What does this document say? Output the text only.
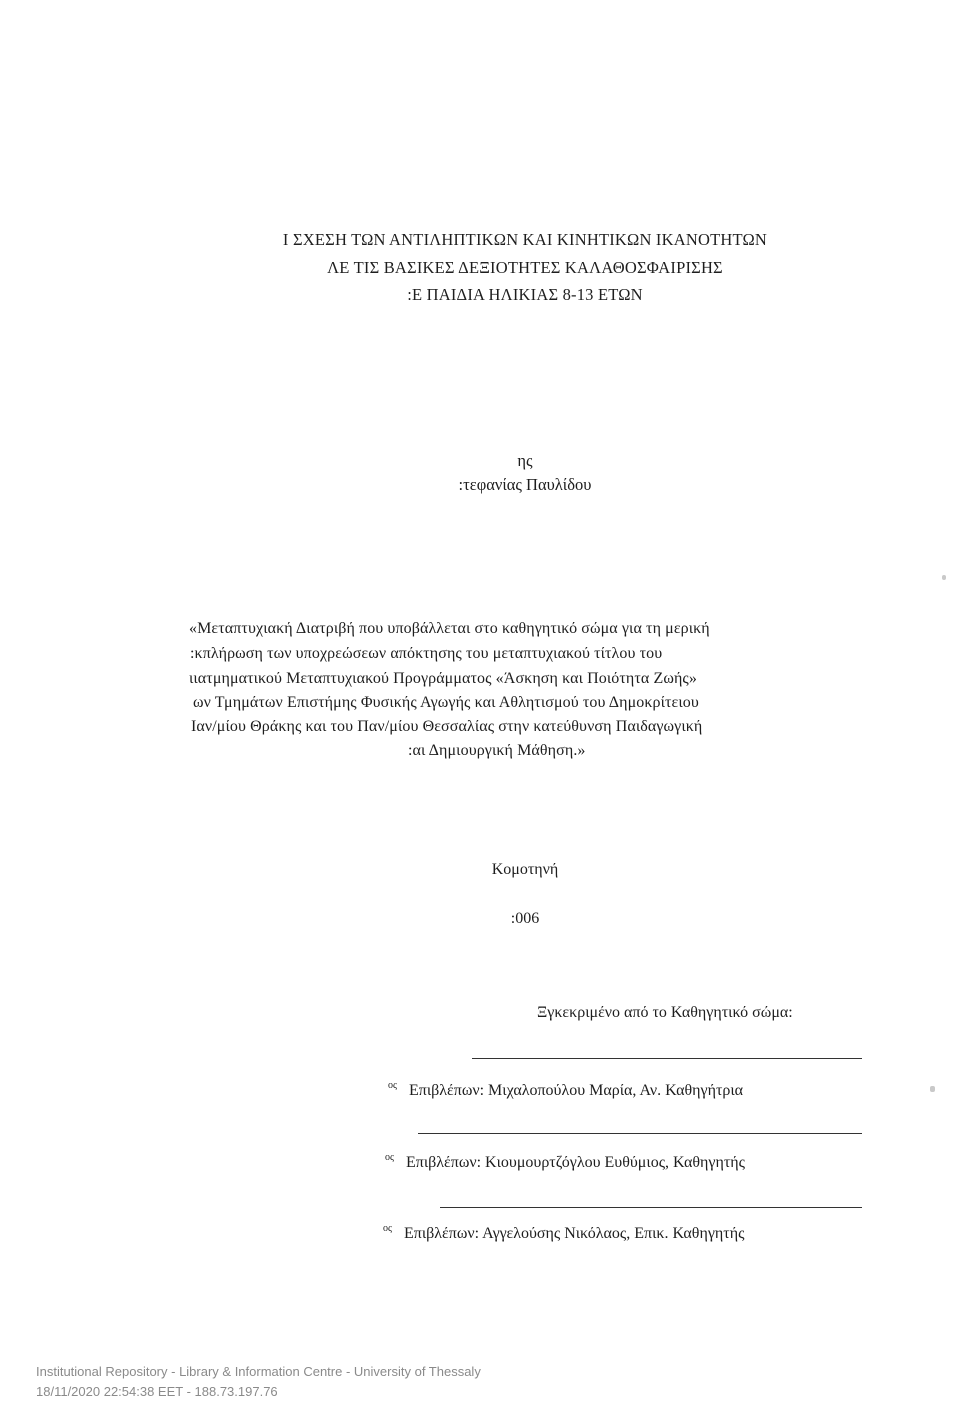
Ι ΣΧΕΣΗ ΤΩΝ ΑΝΤΙΛΗΠΤΙΚΩΝ ΚΑΙ ΚΙΝΗΤΙΚΩΝ ΙΚΑΝΟΤΗΤΩΝ
ΛΕ ΤΙΣ ΒΑΣΙΚΕΣ ΔΕΞΙΟΤΗΤΕΣ ΚΑΛΑΘΟΣΦΑΙΡΙΣΗΣ
:Ε ΠΑΙΔΙΑ ΗΛΙΚΙΑΣ 8-13 ΕΤΩΝ
ης
:τεφανίας Παυλίδου
«Μεταπτυχιακή Διατριβή που υποβάλλεται στο καθηγητικό σώμα για τη μερική
:κπλήρωση των υποχρεώσεων απόκτησης του μεταπτυχιακού τίτλου του
ιιατμηματικού Μεταπτυχιακού Προγράμματος «Άσκηση και Ποιότητα Ζωής»
ων Τμημάτων Επιστήμης Φυσικής Αγωγής και Αθλητισμού του Δημοκρίτειου
Ιαν/μίου Θράκης και του Παν/μίου Θεσσαλίας στην κατεύθυνση Παιδαγωγική
:αι Δημιουργική Μάθηση.»
Κομοτηνή
:006
Ξγκεκριμένο από το Καθηγητικό σώμα:
$^{o\varsigma}$ Επιβλέπων: Μιχαλοπούλου Μαρία, Αν. Καθηγήτρια
$^{o\varsigma}$ Επιβλέπων: Κιουμουρτζόγλου Ευθύμιος, Καθηγητής
$^{o\varsigma}$ Επιβλέπων: Αγγελούσης Νικόλαος, Επικ. Καθηγητής
Institutional Repository - Library & Information Centre - University of Thessaly
18/11/2020 22:54:38 EET - 188.73.197.76
